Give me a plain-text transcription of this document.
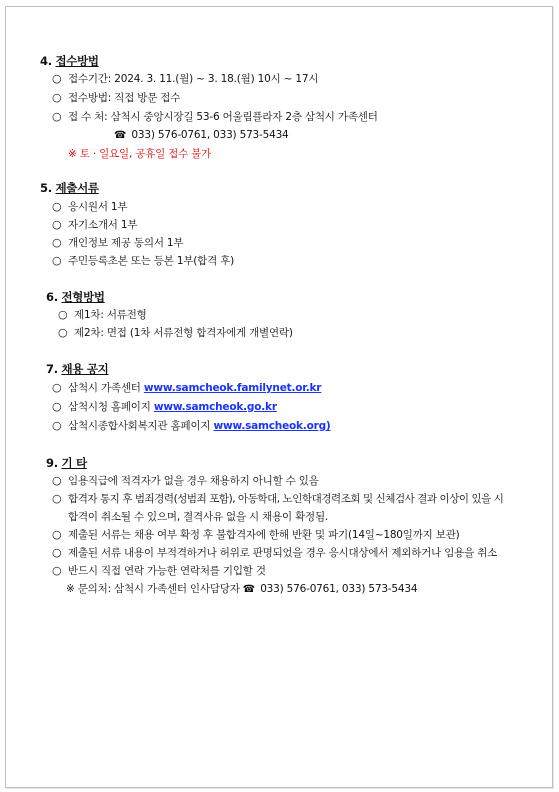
4. 접수방법
○ 접수기간: 2024. 3. 11.(월) ~ 3. 18.(월) 10시 ~ 17시
○ 접수방법: 직접 방문 접수
○ 접 수 처: 삼척시 중앙시장길 53-6 어울림플라자 2층 삼척시 가족센터
☎ 033) 576-0761, 033) 573-5434
※ 토 · 일요일, 공휴일 접수 불가
5. 제출서류
○ 응시원서 1부
○ 자기소개서 1부
○ 개인정보 제공 동의서 1부
○ 주민등록초본 또는 등본 1부(합격 후)
6. 전형방법
○ 제1차: 서류전형
○ 제2차: 면접 (1차 서류전형 합격자에게 개별연락)
7. 채용 공지
○ 삼척시 가족센터 www.samcheok.familynet.or.kr
○ 삼척시청 홈페이지 www.samcheok.go.kr
○ 삼척시종합사회복지관 홈페이지 www.samcheok.org)
9. 기 타
○ 임용직급에 적격자가 없을 경우 채용하지 아니할 수 있음
○ 합격자 통지 후 범죄경력(성범죄 포함), 아동학대, 노인학대경력조회 및 신체검사 결과 이상이 있을 시
합격이 취소될 수 있으며, 결격사유 없을 시 채용이 확정됨.
○ 제출된 서류는 채용 여부 확정 후 불합격자에 한해 반환 및 파기(14일~180일까지 보관)
○ 제출된 서류 내용이 부적격하거나 허위로 판명되었을 경우 응시대상에서 제외하거나 임용을 취소
○ 반드시 직접 연락 가능한 연락처를 기입할 것
※ 문의처: 삼척시 가족센터 인사담당자 ☎ 033) 576-0761, 033) 573-5434
